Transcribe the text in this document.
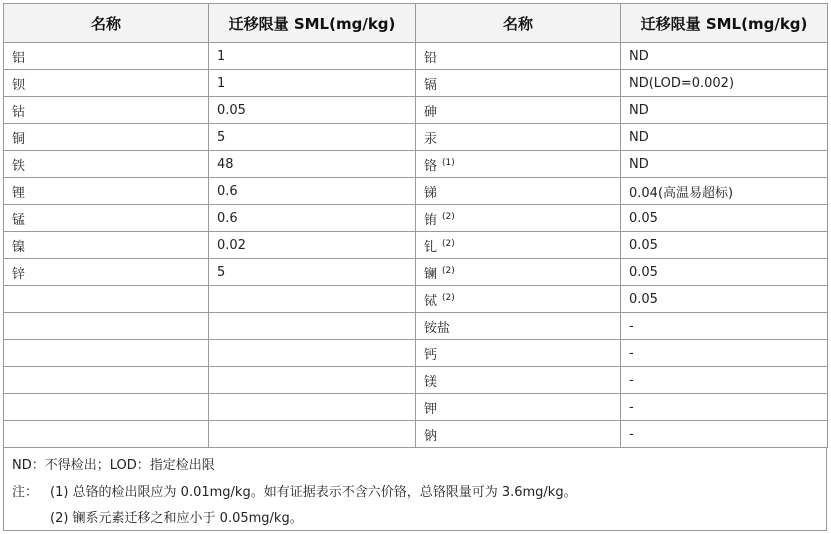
名称	迁移限量 SML(mg/kg)	名称	迁移限量 SML(mg/kg)
铝	1	铅	ND
钡	1	镉	ND(LOD=0.002)
钴	0.05	砷	ND
铜	5	汞	ND
铁	48	铬 $^{(1)}$	ND
锂	0.6	锑	0.04(高温易超标)
锰	0.6	铕 $^{(2)}$	0.05
镍	0.02	钆 $^{(2)}$	0.05
锌	5	镧 $^{(2)}$	0.05
		铽 $^{(2)}$	0.05
		铵盐	-
		钙	-
		镁	-
		钾	-
		钠	-
ND：不得检出；LOD：指定检出限
注： (1) 总铬的检出限应为 0.01mg/kg。如有证据表示不含六价铬，总铬限量可为 3.6mg/kg。
(2) 镧系元素迁移之和应小于 0.05mg/kg。
